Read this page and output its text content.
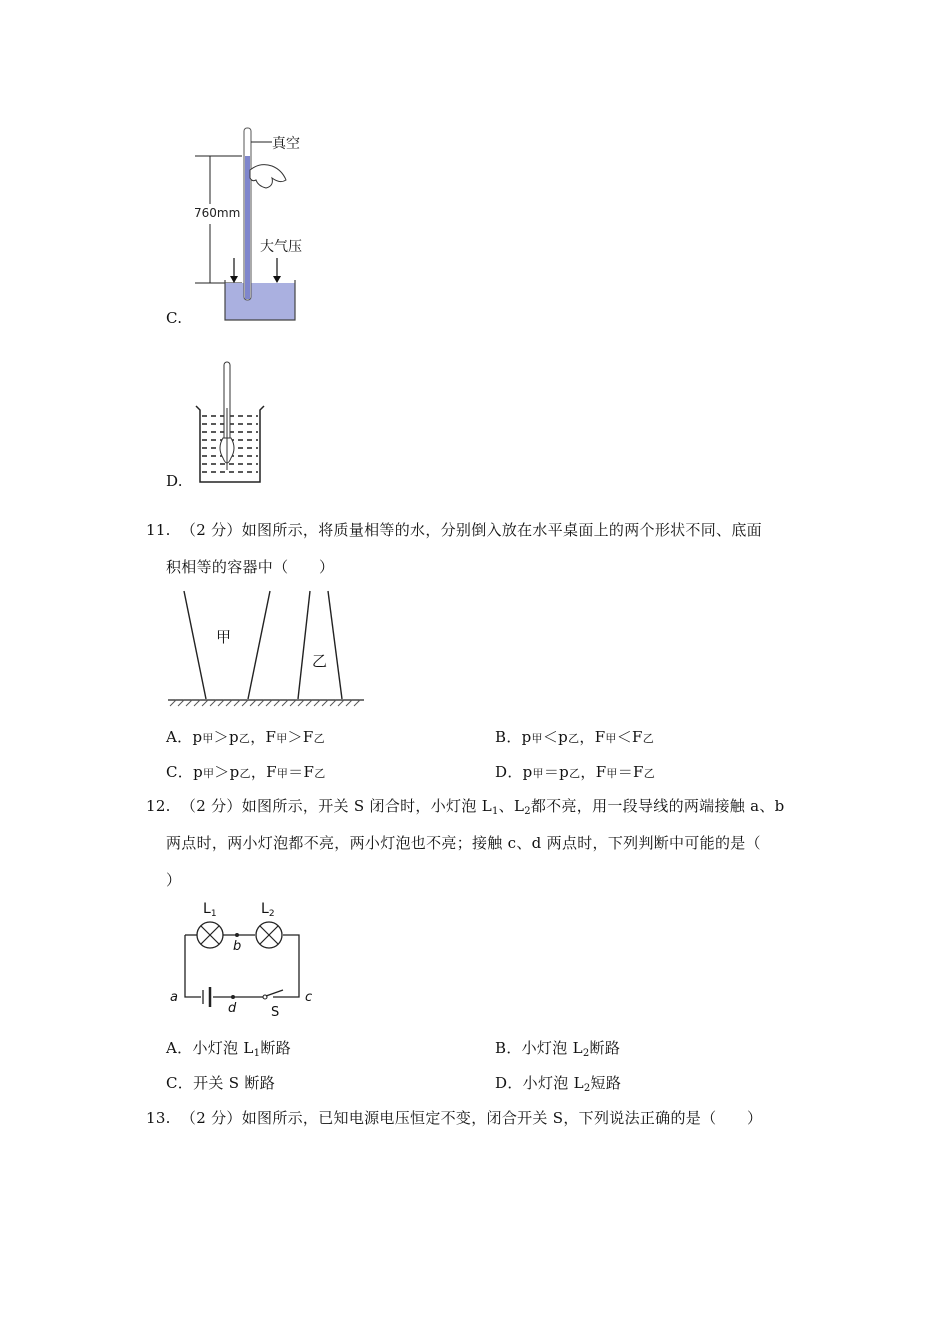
760mm
真空
大气压
C.
D.
11. （2 分）如图所示，将质量相等的水，分别倒入放在水平桌面上的两个形状不同、底面
积相等的容器中（　　）
甲
乙
A．p甲＞p乙，F甲＞F乙	B．p甲＜p乙，F甲＜F乙
C．p甲＞p乙，F甲＝F乙	D．p甲＝p乙，F甲＝F乙
12. （2 分）如图所示，开关 S 闭合时，小灯泡 $L_1$、$L_2$都不亮，用一段导线的两端接触 a、b
两点时，两小灯泡都不亮，两小灯泡也不亮；接触 c、d 两点时，下列判断中可能的是（
）
$L_1$	$L_2$
b
a
d
c
S
A．小灯泡 $L_1$断路	B．小灯泡 $L_2$断路
C．开关 S 断路	D．小灯泡 $L_2$短路
13. （2 分）如图所示，已知电源电压恒定不变，闭合开关 S，下列说法正确的是（　　）
